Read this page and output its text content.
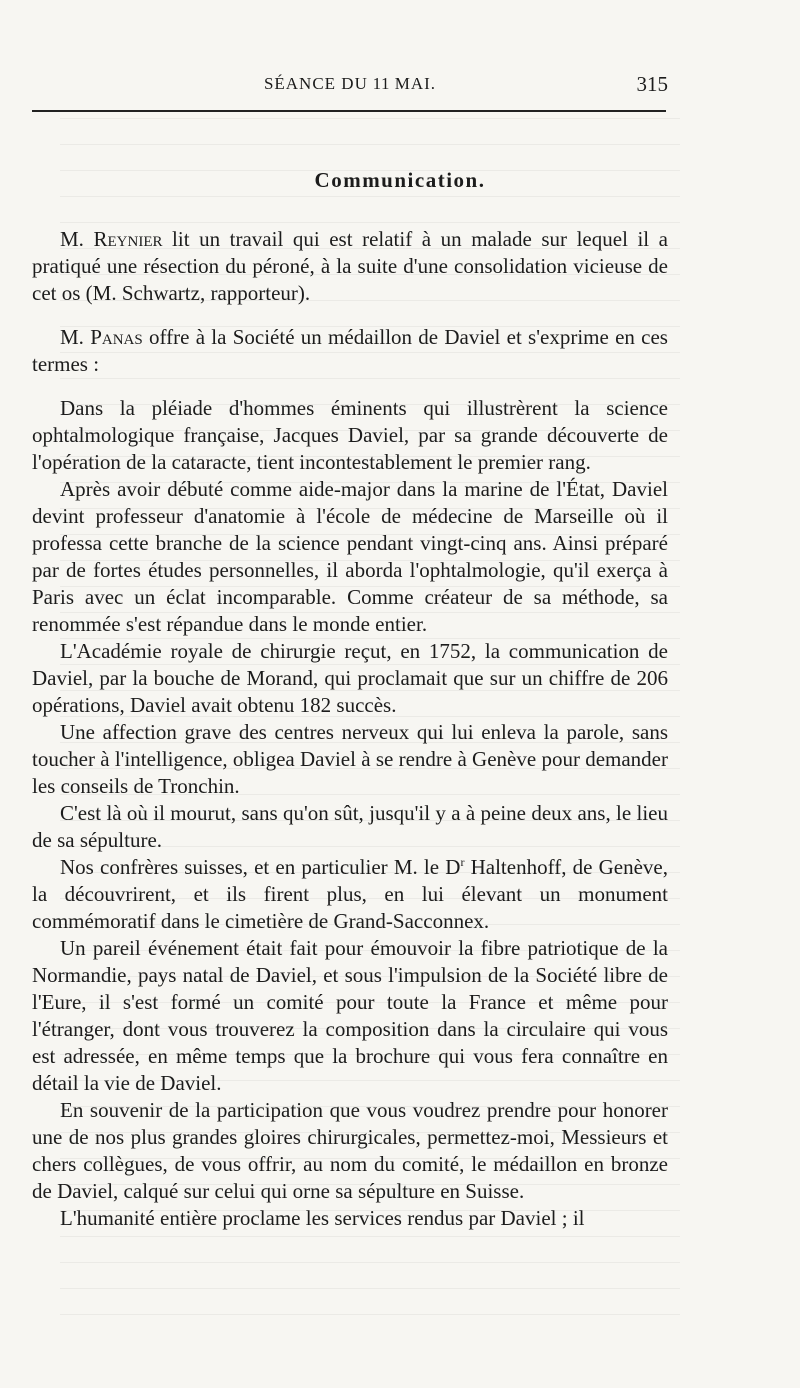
SÉANCE DU 11 MAI.	315
Communication.

M. Reynier lit un travail qui est relatif à un malade sur lequel il a pratiqué une résection du péroné, à la suite d'une consolidation vicieuse de cet os (M. Schwartz, rapporteur).

M. Panas offre à la Société un médaillon de Daviel et s'exprime en ces termes :

Dans la pléiade d'hommes éminents qui illustrèrent la science ophtalmologique française, Jacques Daviel, par sa grande découverte de l'opération de la cataracte, tient incontestablement le premier rang.

Après avoir débuté comme aide-major dans la marine de l'État, Daviel devint professeur d'anatomie à l'école de médecine de Marseille où il professa cette branche de la science pendant vingt-cinq ans. Ainsi préparé par de fortes études personnelles, il aborda l'ophtalmologie, qu'il exerça à Paris avec un éclat incomparable. Comme créateur de sa méthode, sa renommée s'est répandue dans le monde entier.

L'Académie royale de chirurgie reçut, en 1752, la communication de Daviel, par la bouche de Morand, qui proclamait que sur un chiffre de 206 opérations, Daviel avait obtenu 182 succès.

Une affection grave des centres nerveux qui lui enleva la parole, sans toucher à l'intelligence, obligea Daviel à se rendre à Genève pour demander les conseils de Tronchin.

C'est là où il mourut, sans qu'on sût, jusqu'il y a à peine deux ans, le lieu de sa sépulture.

Nos confrères suisses, et en particulier M. le $D^r$ Haltenhoff, de Genève, la découvrirent, et ils firent plus, en lui élevant un monument commémoratif dans le cimetière de Grand-Sacconnex.

Un pareil événement était fait pour émouvoir la fibre patriotique de la Normandie, pays natal de Daviel, et sous l'impulsion de la Société libre de l'Eure, il s'est formé un comité pour toute la France et même pour l'étranger, dont vous trouverez la composition dans la circulaire qui vous est adressée, en même temps que la brochure qui vous fera connaître en détail la vie de Daviel.

En souvenir de la participation que vous voudrez prendre pour honorer une de nos plus grandes gloires chirurgicales, permettez-moi, Messieurs et chers collègues, de vous offrir, au nom du comité, le médaillon en bronze de Daviel, calqué sur celui qui orne sa sépulture en Suisse.

L'humanité entière proclame les services rendus par Daviel ; il
